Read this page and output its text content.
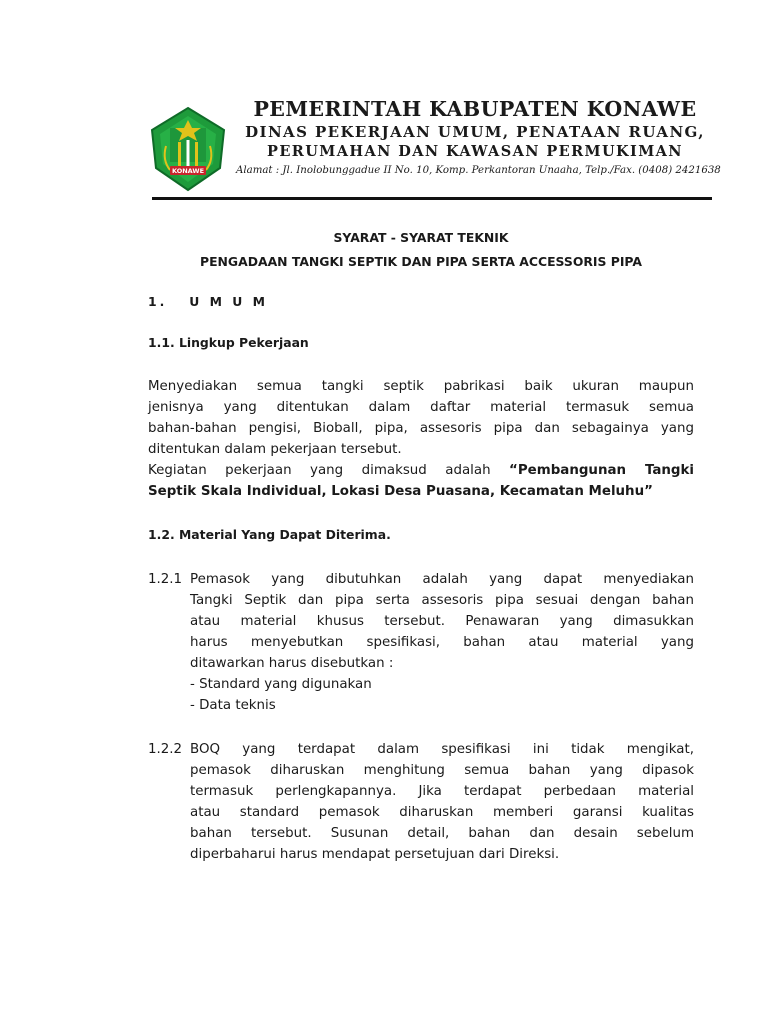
KONAWE
PEMERINTAH KABUPATEN KONAWE
DINAS PEKERJAAN UMUM, PENATAAN RUANG,
PERUMAHAN DAN KAWASAN PERMUKIMAN
Alamat : Jl. Inolobunggadue II No. 10, Komp. Perkantoran Unaaha, Telp./Fax. (0408) 2421638
SYARAT - SYARAT TEKNIK
PENGADAAN TANGKI SEPTIK DAN PIPA SERTA ACCESSORIS PIPA
1.   U M U M
1.1. Lingkup Pekerjaan
Menyediakan semua tangki septik pabrikasi baik ukuran maupun
jenisnya yang ditentukan dalam daftar material termasuk semua
bahan-bahan pengisi, Bioball, pipa, assesoris pipa dan sebagainya yang
ditentukan dalam pekerjaan tersebut.
Kegiatan pekerjaan yang dimaksud adalah “Pembangunan Tangki
Septik Skala Individual, Lokasi Desa Puasana, Kecamatan Meluhu”
1.2. Material Yang Dapat Diterima.
1.2.1 Pemasok yang dibutuhkan adalah yang dapat menyediakan
Tangki Septik dan pipa serta assesoris pipa sesuai dengan bahan
atau material khusus tersebut. Penawaran yang dimasukkan
harus menyebutkan spesifikasi, bahan atau material yang
ditawarkan harus disebutkan :
- Standard yang digunakan
- Data teknis
1.2.2 BOQ yang terdapat dalam spesifikasi ini tidak mengikat,
pemasok diharuskan menghitung semua bahan yang dipasok
termasuk perlengkapannya. Jika terdapat perbedaan material
atau standard pemasok diharuskan memberi garansi kualitas
bahan tersebut. Susunan detail, bahan dan desain sebelum
diperbaharui harus mendapat persetujuan dari Direksi.
